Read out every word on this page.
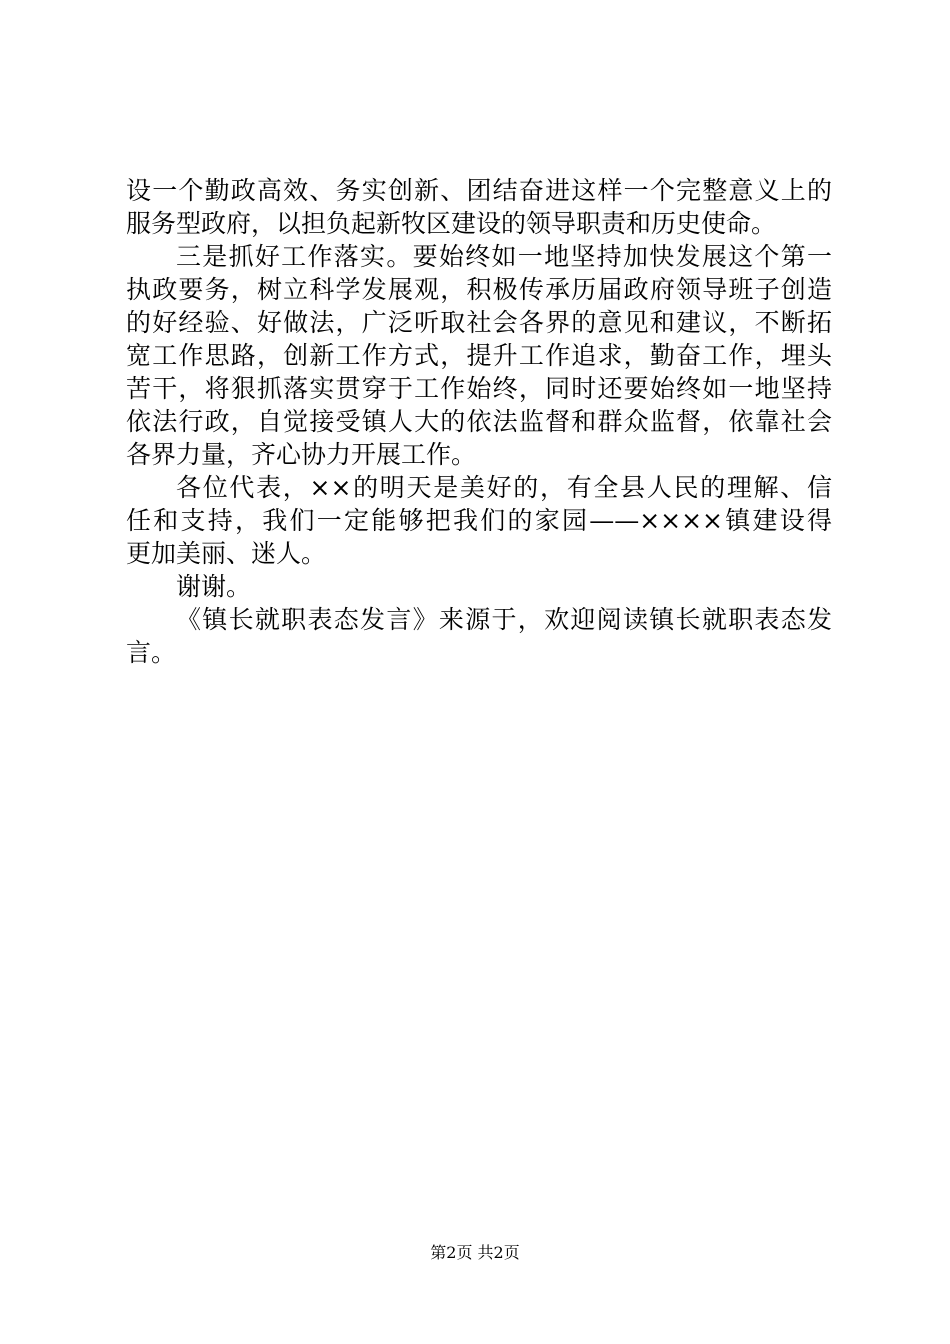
设一个勤政高效、务实创新、团结奋进这样一个完整意义上的
服务型政府，以担负起新牧区建设的领导职责和历史使命。
三是抓好工作落实。要始终如一地坚持加快发展这个第一
执政要务，树立科学发展观，积极传承历届政府领导班子创造
的好经验、好做法，广泛听取社会各界的意见和建议，不断拓
宽工作思路，创新工作方式，提升工作追求，勤奋工作，埋头
苦干，将狠抓落实贯穿于工作始终，同时还要始终如一地坚持
依法行政，自觉接受镇人大的依法监督和群众监督，依靠社会
各界力量，齐心协力开展工作。
各位代表，××的明天是美好的，有全县人民的理解、信
任和支持，我们一定能够把我们的家园——××××镇建设得
更加美丽、迷人。
谢谢。
《镇长就职表态发言》来源于，欢迎阅读镇长就职表态发
言。
第2页 共2页
